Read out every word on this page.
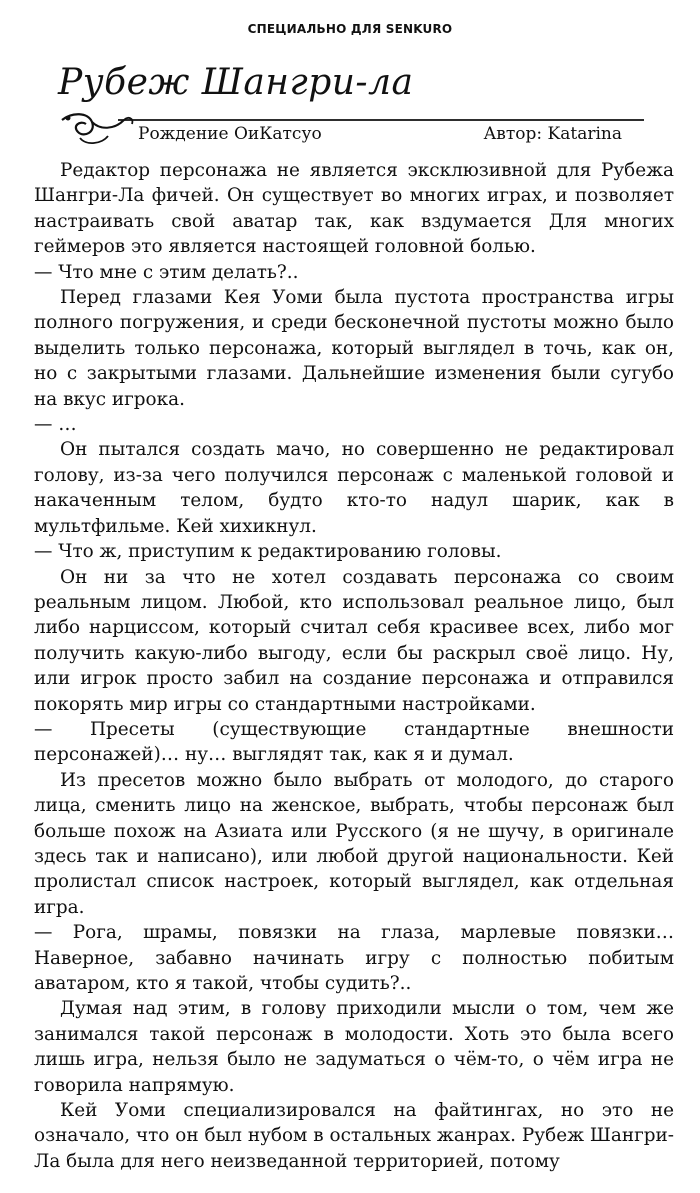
СПЕЦИАЛЬНО ДЛЯ SENKURO
Рубеж Шангри-ла
Рождение ОиКатсуо	Автор: Katarina

Редактор персонажа не является эксклюзивной для Рубежа Шангри-Ла фичей. Он существует во многих играх, и позволяет настраивать свой аватар так, как вздумается Для многих геймеров это является настоящей головной болью.

— Что мне с этим делать?..

Перед глазами Кея Уоми была пустота пространства игры полного погружения, и среди бесконечной пустоты можно было выделить только персонажа, который выглядел в точь, как он, но с закрытыми глазами. Дальнейшие изменения были сугубо на вкус игрока.

— …

Он пытался создать мачо, но совершенно не редактировал голову, из-за чего получился персонаж с маленькой головой и накаченным телом, будто кто-то надул шарик, как в мультфильме. Кей хихикнул.

— Что ж, приступим к редактированию головы.

Он ни за что не хотел создавать персонажа со своим реальным лицом. Любой, кто использовал реальное лицо, был либо нарциссом, который считал себя красивее всех, либо мог получить какую-либо выгоду, если бы раскрыл своё лицо. Ну, или игрок просто забил на создание персонажа и отправился покорять мир игры со стандартными настройками.

— Пресеты (существующие стандартные внешности персонажей)… ну… выглядят так, как я и думал.

Из пресетов можно было выбрать от молодого, до старого лица, сменить лицо на женское, выбрать, чтобы персонаж был больше похож на Азиата или Русского (я не шучу, в оригинале здесь так и написано), или любой другой национальности. Кей пролистал список настроек, который выглядел, как отдельная игра.

— Рога, шрамы, повязки на глаза, марлевые повязки… Наверное, забавно начинать игру с полностью побитым аватаром, кто я такой, чтобы судить?..

Думая над этим, в голову приходили мысли о том, чем же занимался такой персонаж в молодости. Хоть это была всего лишь игра, нельзя было не задуматься о чём-то, о чём игра не говорила напрямую.

Кей Уоми специализировался на файтингах, но это не означало, что он был нубом в остальных жанрах. Рубеж Шангри-Ла была для него неизведанной территорией, потому
